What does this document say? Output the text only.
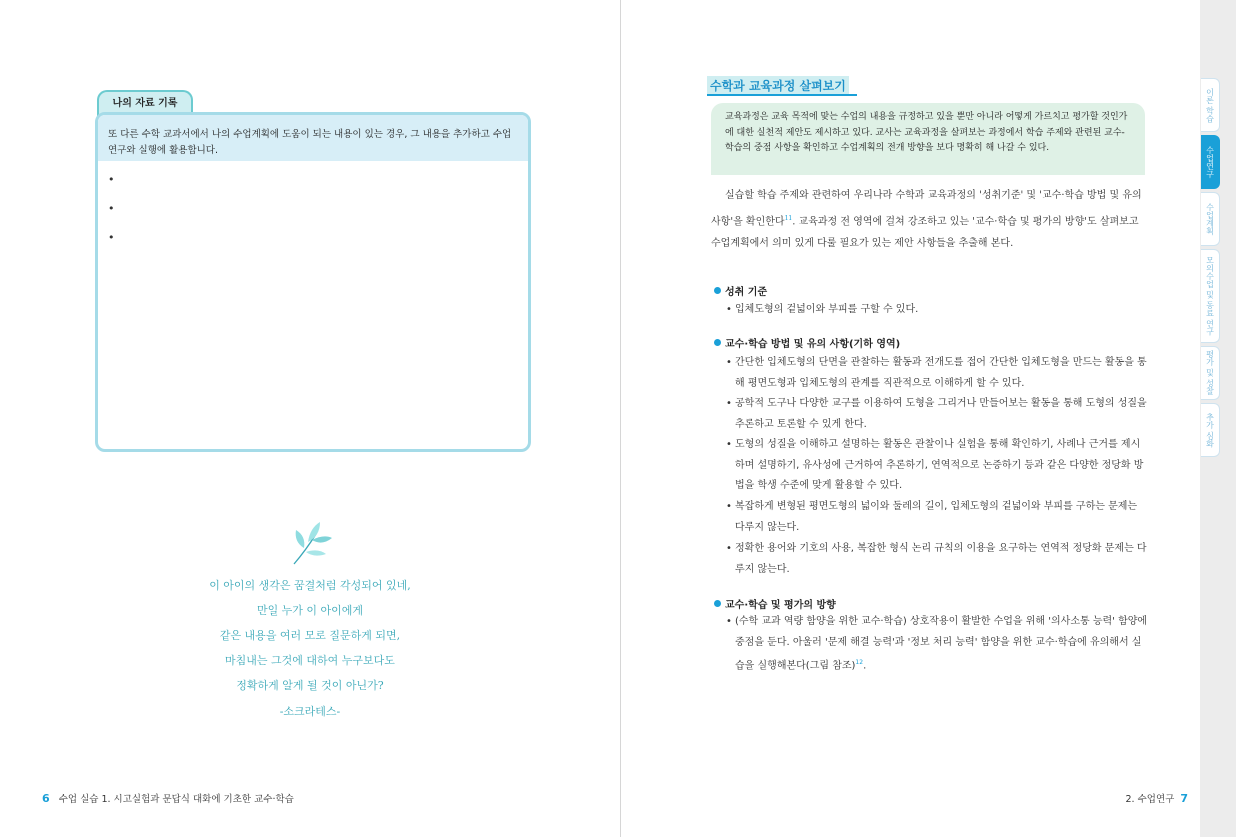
이론 학습
수업연구
수업계획
모의수업 및 동료 연구
평가 및 성찰
추가 심화
나의 자료 기록
또 다른 수학 교과서에서 나의 수업계획에 도움이 되는 내용이 있는 경우, 그 내용을 추가하고 수업연구와 실행에 활용합니다.
•
•
•
이 아이의 생각은 꿈결처럼 각성되어 있네,
만일 누가 이 아이에게
같은 내용을 여러 모로 질문하게 되면,
마침내는 그것에 대하여 누구보다도
정확하게 알게 될 것이 아닌가?
-소크라테스-
6 수업 실습 1. 시고실험과 문답식 대화에 기초한 교수·학습
수학과 교육과정 살펴보기
교육과정은 교육 목적에 맞는 수업의 내용을 규정하고 있을 뿐만 아니라 어떻게 가르치고 평가할 것인가에 대한 실천적 제안도 제시하고 있다. 교사는 교육과정을 살펴보는 과정에서 학습 주제와 관련된 교수-학습의 중점 사항을 확인하고 수업계획의 전개 방향을 보다 명확히 해 나갈 수 있다.
실습할 학습 주제와 관련하여 우리나라 수학과 교육과정의 '성취기준' 및 '교수·학습 방법 및 유의 사항'을 확인한다$^{11}$. 교육과정 전 영역에 걸쳐 강조하고 있는 '교수·학습 및 평가의 방향'도 살펴보고 수업계획에서 의미 있게 다룰 필요가 있는 제안 사항들을 추출해 본다.
성취 기준
• 입체도형의 겉넓이와 부피를 구할 수 있다.
교수·학습 방법 및 유의 사항(기하 영역)
• 간단한 입체도형의 단면을 관찰하는 활동과 전개도를 접어 간단한 입체도형을 만드는 활동을 통해 평면도형과 입체도형의 관계를 직관적으로 이해하게 할 수 있다.
• 공학적 도구나 다양한 교구를 이용하여 도형을 그리거나 만들어보는 활동을 통해 도형의 성질을 추론하고 토론할 수 있게 한다.
• 도형의 성질을 이해하고 설명하는 활동은 관찰이나 실험을 통해 확인하기, 사례나 근거를 제시하며 설명하기, 유사성에 근거하여 추론하기, 연역적으로 논증하기 등과 같은 다양한 정당화 방법을 학생 수준에 맞게 활용할 수 있다.
• 복잡하게 변형된 평면도형의 넓이와 둘레의 길이, 입체도형의 겉넓이와 부피를 구하는 문제는 다루지 않는다.
• 정확한 용어와 기호의 사용, 복잡한 형식 논리 규칙의 이용을 요구하는 연역적 정당화 문제는 다루지 않는다.
교수·학습 및 평가의 방향
• (수학 교과 역량 함양을 위한 교수·학습) 상호작용이 활발한 수업을 위해 '의사소통 능력' 함양에 중점을 둔다. 아울러 '문제 해결 능력'과 '정보 처리 능력' 함양을 위한 교수·학습에 유의해서 실습을 실행해본다(그림 참조)$^{12}$.
2. 수업연구 7
